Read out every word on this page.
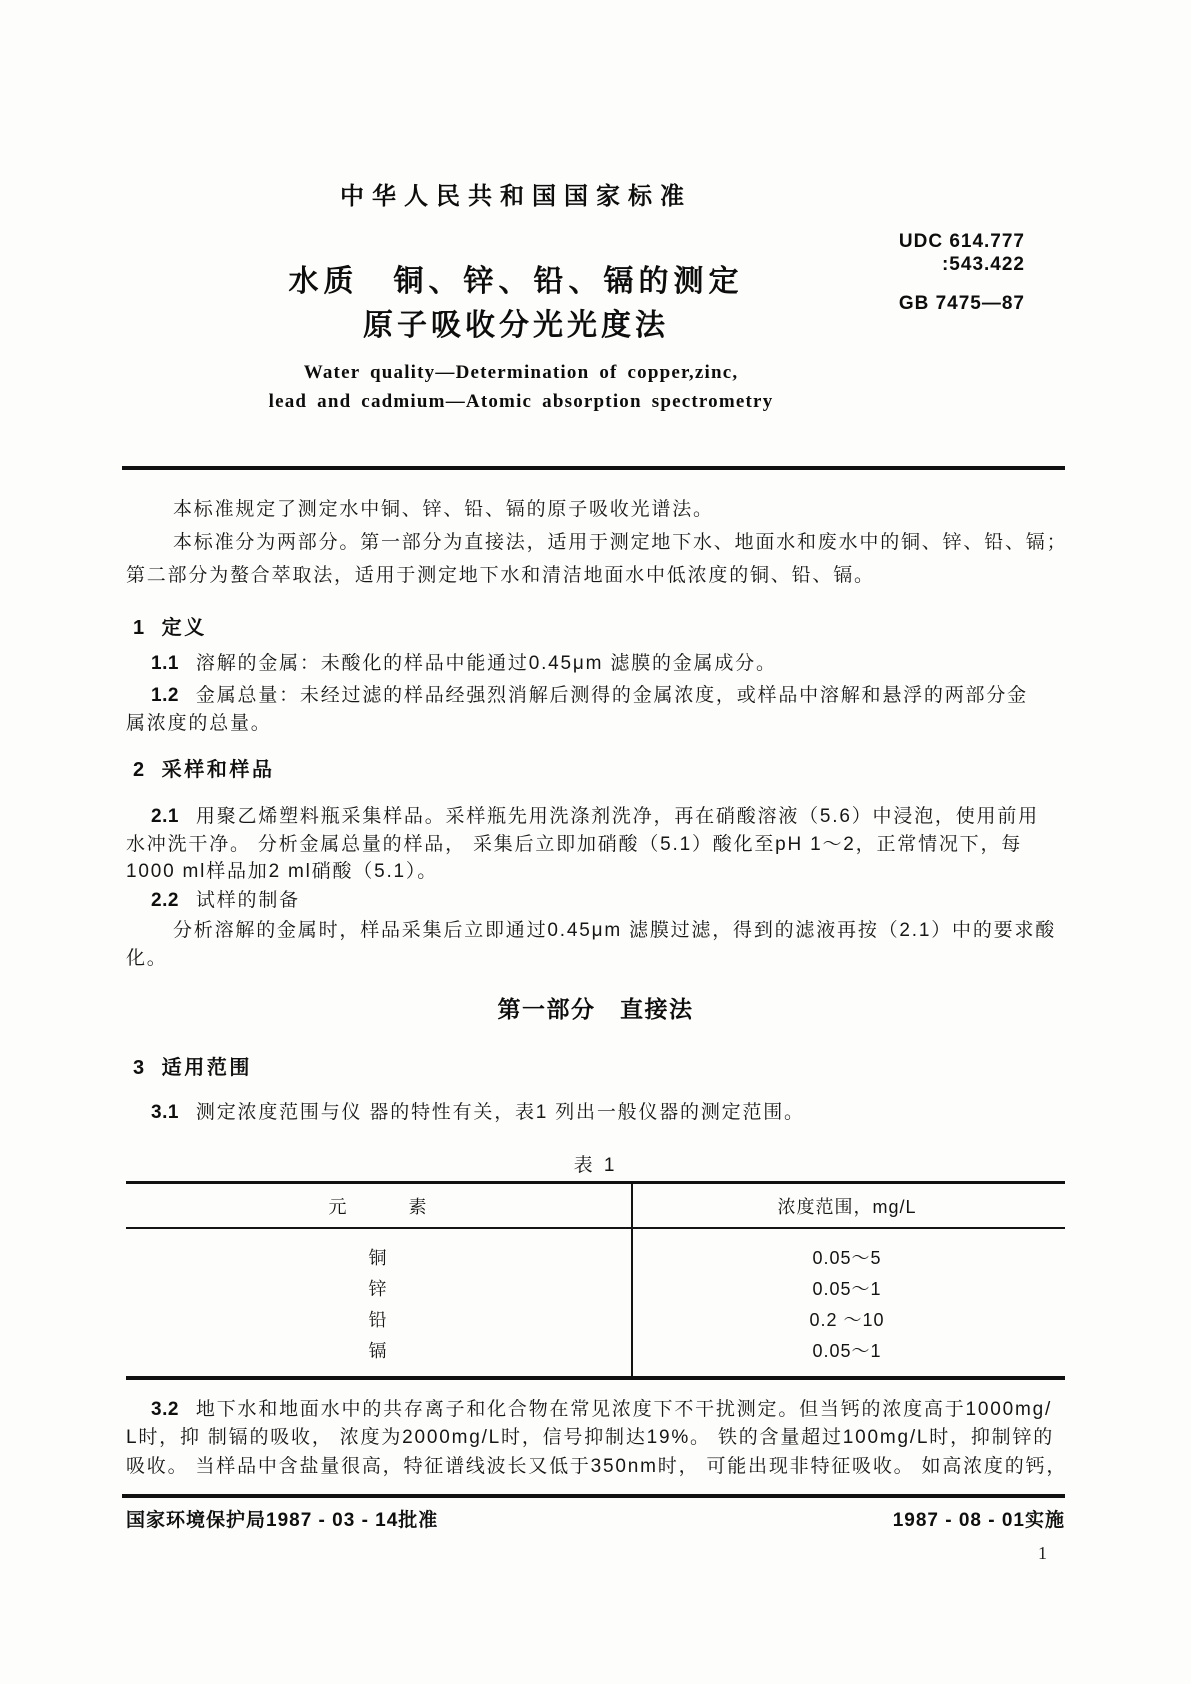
中华人民共和国国家标准
水质　铜、锌、铅、镉的测定
原子吸收分光光度法
UDC 614.777
:543.422
GB 7475—87
Water quality—Determination of copper,zinc,
lead and cadmium—Atomic absorption spectrometry
本标准规定了测定水中铜、锌、铅、镉的原子吸收光谱法。
本标准分为两部分。第一部分为直接法，适用于测定地下水、地面水和废水中的铜、锌、铅、镉；
第二部分为螯合萃取法，适用于测定地下水和清洁地面水中低浓度的铜、铅、镉。
1 定义
1.1 溶解的金属：未酸化的样品中能通过0.45μm 滤膜的金属成分。
1.2 金属总量：未经过滤的样品经强烈消解后测得的金属浓度，或样品中溶解和悬浮的两部分金
属浓度的总量。
2 采样和样品
2.1 用聚乙烯塑料瓶采集样品。采样瓶先用洗涤剂洗净，再在硝酸溶液（5.6）中浸泡，使用前用
水冲洗干净。 分析金属总量的样品， 采集后立即加硝酸（5.1）酸化至pH 1～2，正常情况下，每
1000 ml样品加2 ml硝酸（5.1）。
2.2 试样的制备
分析溶解的金属时，样品采集后立即通过0.45μm 滤膜过滤，得到的滤液再按（2.1）中的要求酸
化。
第一部分　直接法
3 适用范围
3.1 测定浓度范围与仪 器的特性有关，表1 列出一般仪器的测定范围。
表 1
元　　　素	浓度范围，mg/L
铜	0.05～5
锌	0.05～1
铅	0.2 ～10
镉	0.05～1
3.2 地下水和地面水中的共存离子和化合物在常见浓度下不干扰测定。但当钙的浓度高于1000mg/
L时，抑 制镉的吸收， 浓度为2000mg/L时，信号抑制达19%。 铁的含量超过100mg/L时，抑制锌的
吸收。 当样品中含盐量很高，特征谱线波长又低于350nm时， 可能出现非特征吸收。 如高浓度的钙，
国家环境保护局1987 - 03 - 14批准	1987 - 08 - 01实施
1
